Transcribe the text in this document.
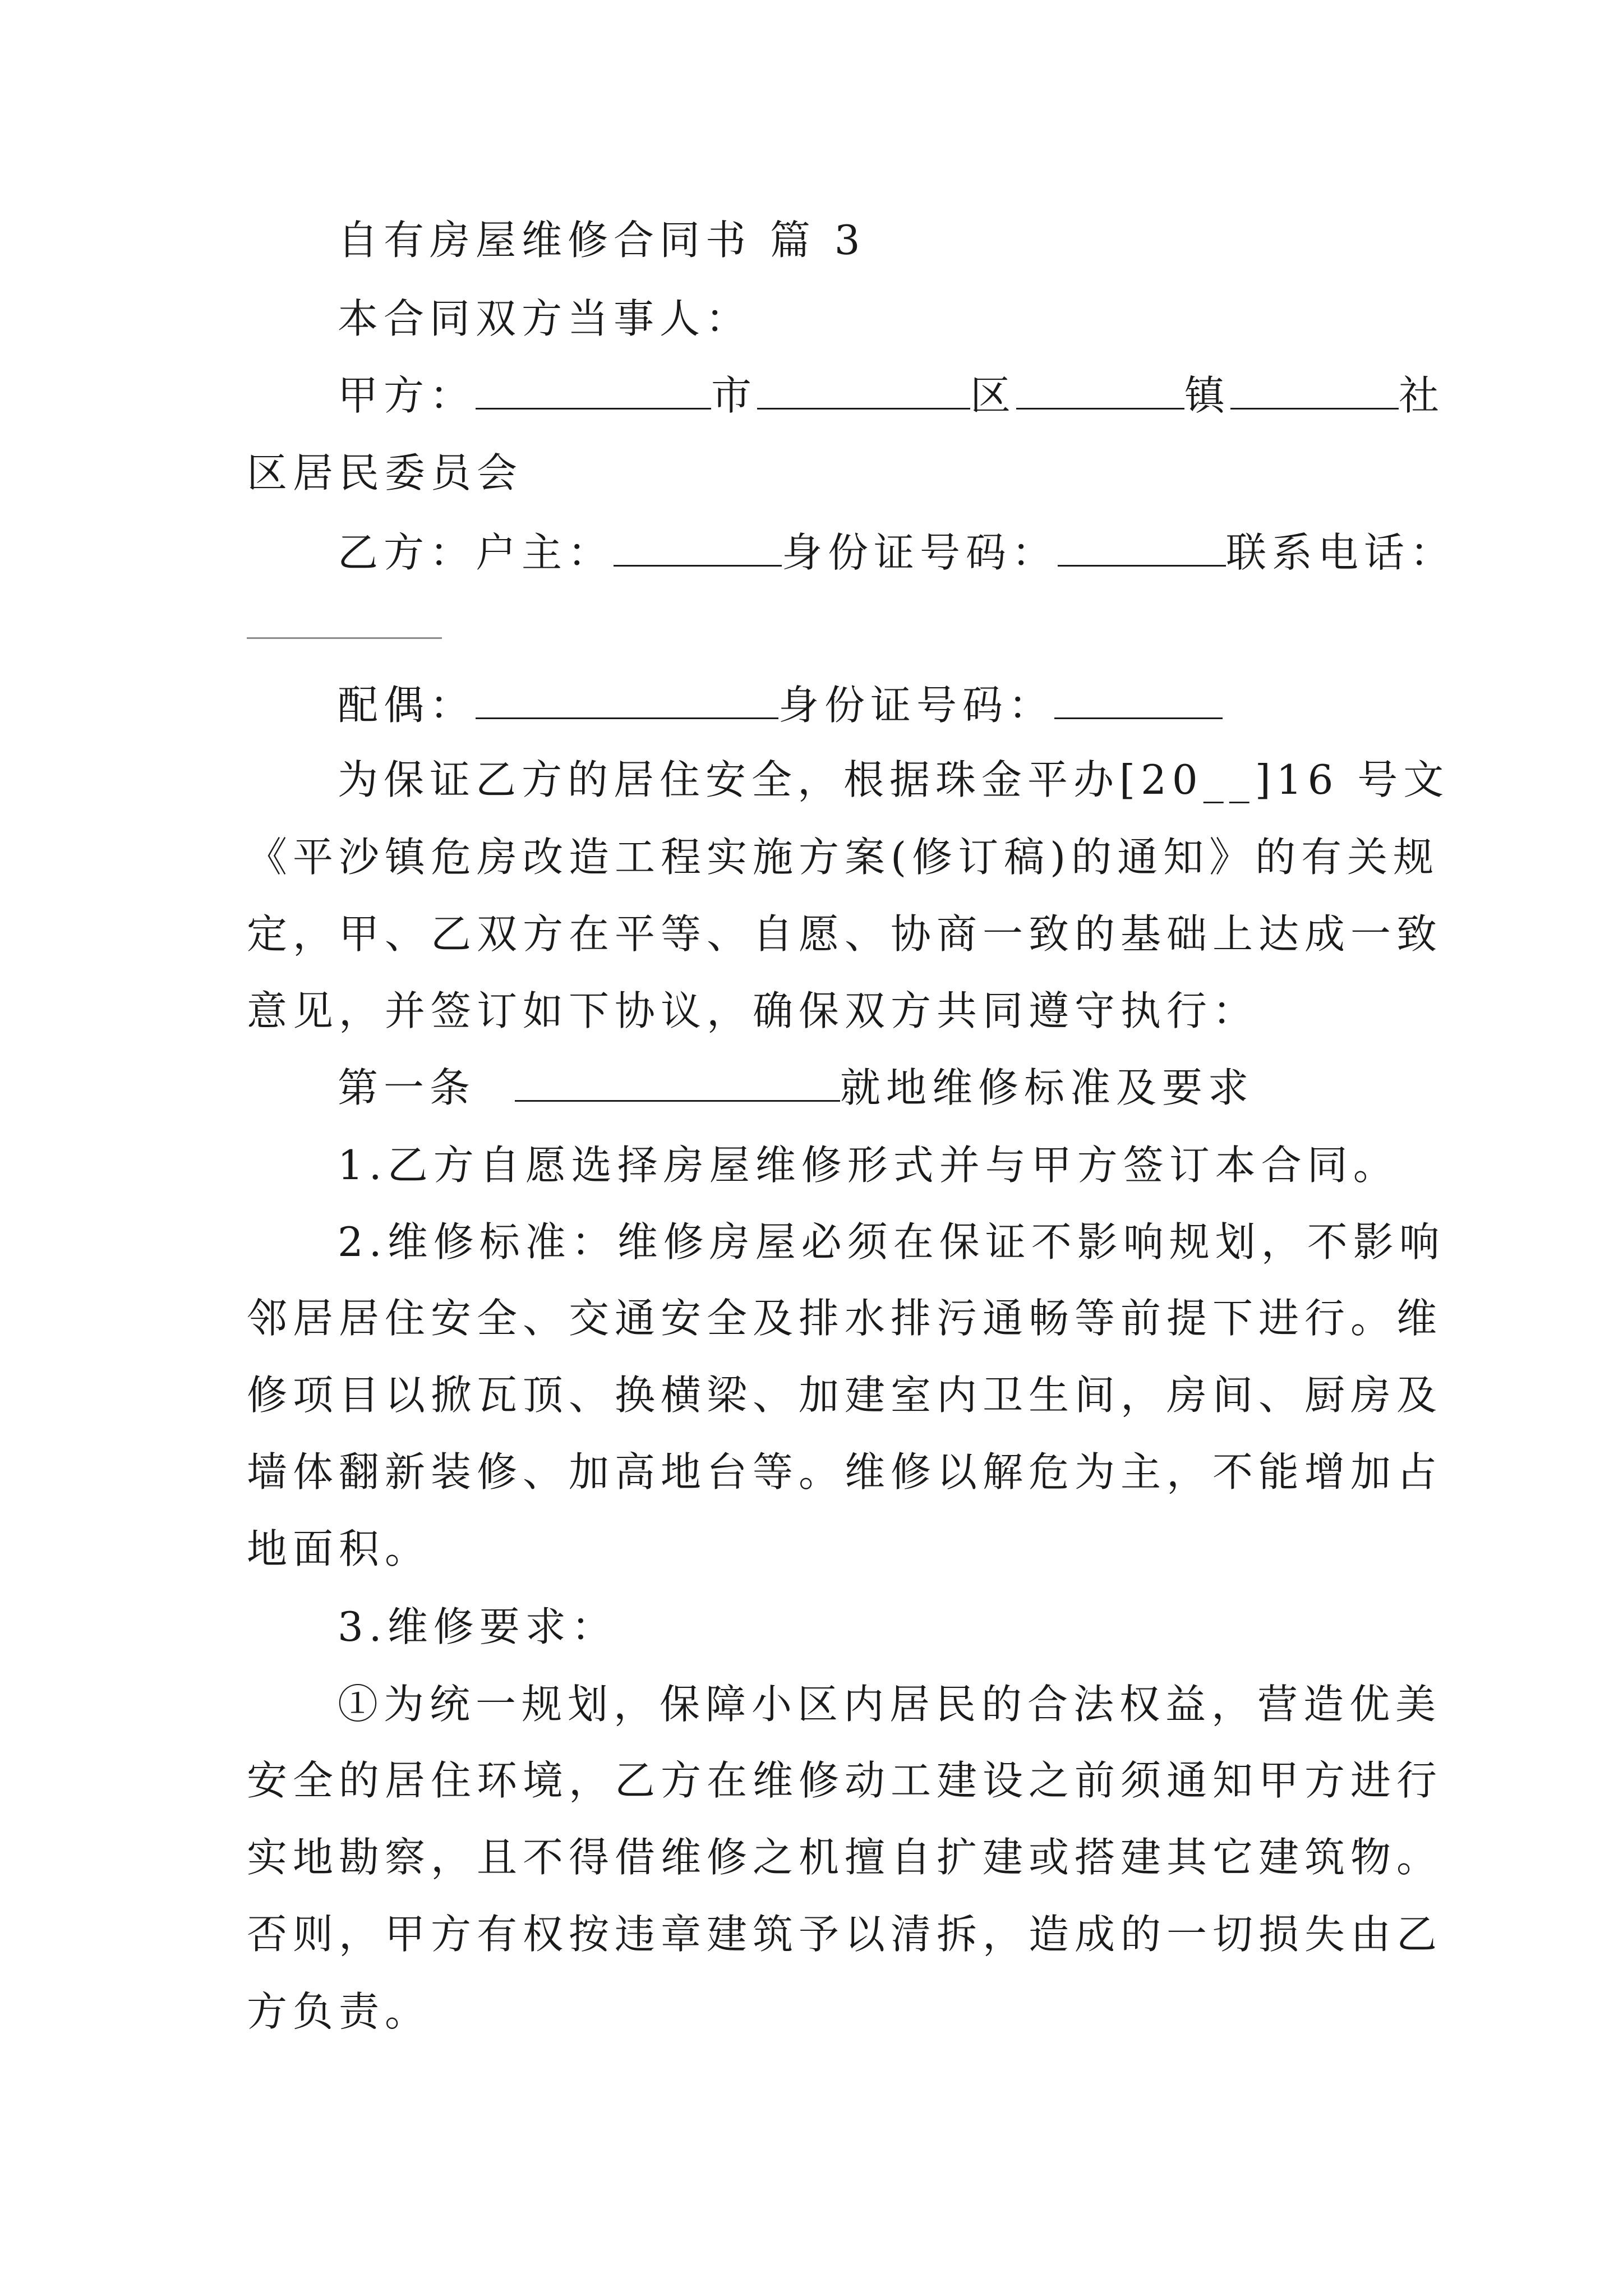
自有房屋维修合同书 篇 3
本合同双方当事人：
甲方：	市	区	镇	社
区居民委员会
乙方：户主：	身份证号码：	联系电话：
配偶：	身份证号码：
为保证乙方的居住安全，根据珠金平办[20__]16 号文
《平沙镇危房改造工程实施方案(修订稿)的通知》的有关规
定，甲、乙双方在平等、自愿、协商一致的基础上达成一致
意见，并签订如下协议，确保双方共同遵守执行：
第一条	就地维修标准及要求
1.乙方自愿选择房屋维修形式并与甲方签订本合同。
2.维修标准：维修房屋必须在保证不影响规划，不影响
邻居居住安全、交通安全及排水排污通畅等前提下进行。维
修项目以掀瓦顶、换横梁、加建室内卫生间，房间、厨房及
墙体翻新装修、加高地台等。维修以解危为主，不能增加占
地面积。
3.维修要求：
①为统一规划，保障小区内居民的合法权益，营造优美
安全的居住环境，乙方在维修动工建设之前须通知甲方进行
实地勘察，且不得借维修之机擅自扩建或搭建其它建筑物。
否则，甲方有权按违章建筑予以清拆，造成的一切损失由乙
方负责。
